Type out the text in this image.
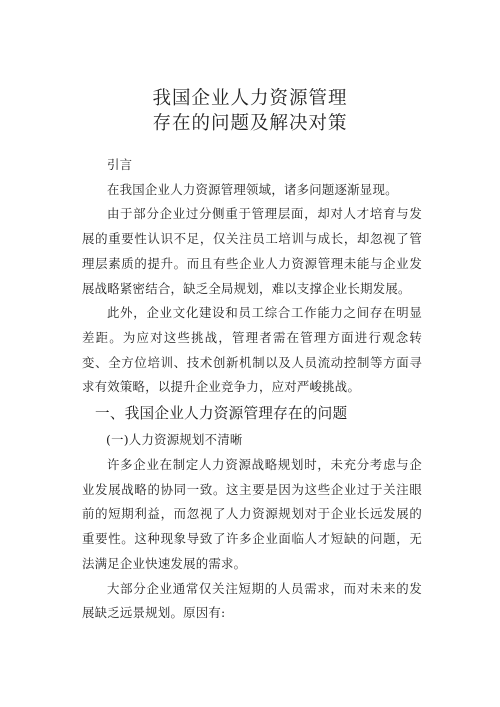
我国企业人力资源管理
存在的问题及解决对策

引言

在我国企业人力资源管理领域，诸多问题逐渐显现。

由于部分企业过分侧重于管理层面，却对人才培育与发展的重要性认识不足，仅关注员工培训与成长，却忽视了管理层素质的提升。而且有些企业人力资源管理未能与企业发展战略紧密结合，缺乏全局规划，难以支撑企业长期发展。

此外，企业文化建设和员工综合工作能力之间存在明显差距。为应对这些挑战，管理者需在管理方面进行观念转变、全方位培训、技术创新机制以及人员流动控制等方面寻求有效策略，以提升企业竞争力，应对严峻挑战。

一、我国企业人力资源管理存在的问题

(一)人力资源规划不清晰

许多企业在制定人力资源战略规划时，未充分考虑与企业发展战略的协同一致。这主要是因为这些企业过于关注眼前的短期利益，而忽视了人力资源规划对于企业长远发展的重要性。这种现象导致了许多企业面临人才短缺的问题，无法满足企业快速发展的需求。

大部分企业通常仅关注短期的人员需求，而对未来的发展缺乏远景规划。原因有:
